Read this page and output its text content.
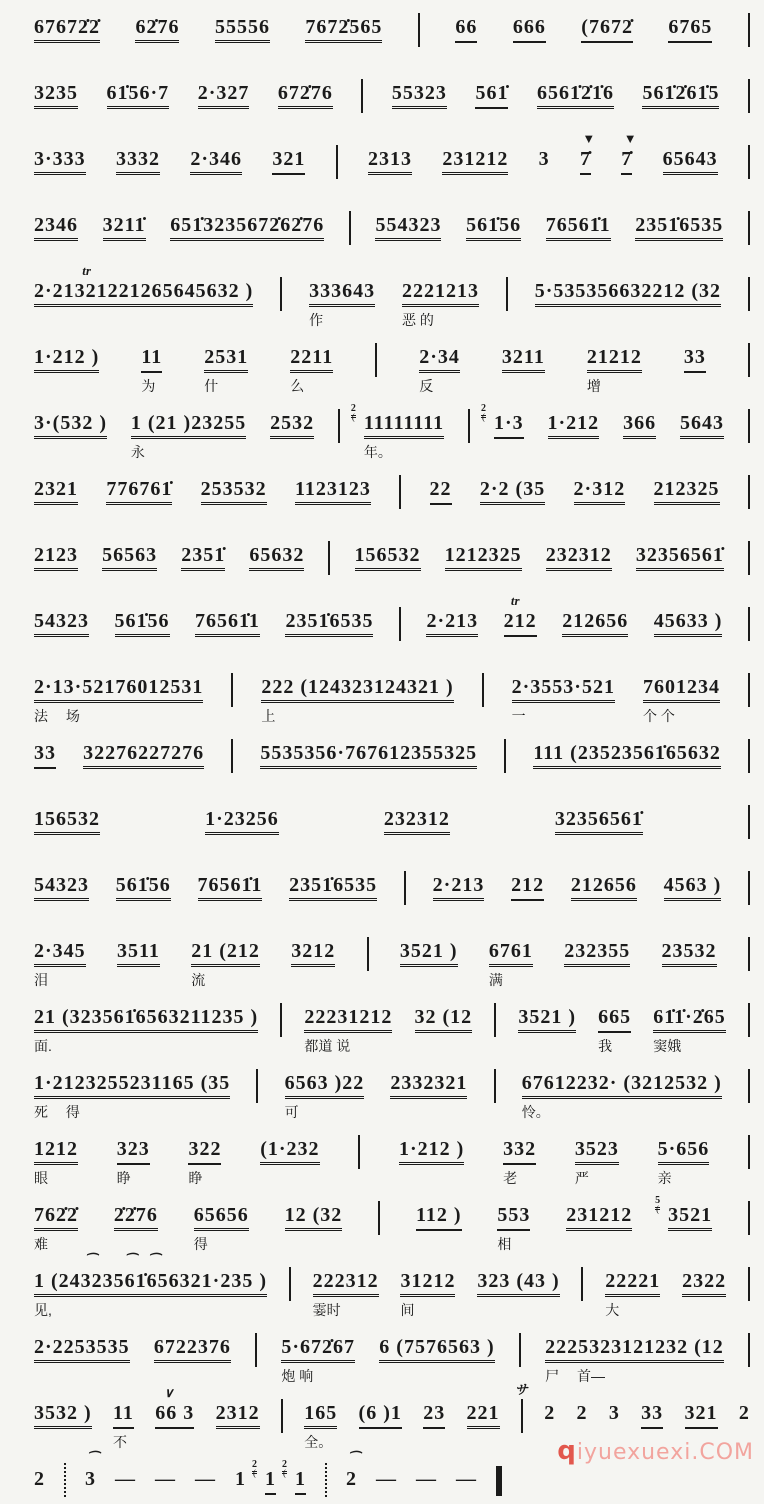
67672̇2̇ 62̇76 55556 7672̇565	66 666 (7672̇ 6765
3235 61̇56·7 2·327 672̇76	55323 561̇ 6561̇2̇1̇6 561̇2̇61̇5
3·333 3332 2·346 321	2313 231212 3 7̇
▼
7̇
▼
65643
2346 3211̇ 651̇3235672̇62̇76	554323 561̇56 76561̇1 2351̇6535
2·21321221265645632 )
tr
333643
作
2221213
恶 的
5·535356632212 (32
1·212 ) 11
为
2531
什
2211
么
2·34
反
3211 21212
增
33
3·(532 ) 1 (21 )23255
永
2532
2 (
11111111
年。
2 (
1·3 1·212 366 5643
2321 776761̇ 253532 1123123	22 2·2 (35 2·312 212325
2123 56563 2351̇ 65632	156532 1212325 232312 32356561̇
54323 561̇56 76561̇1 2351̇6535	2·213 212
tr
212656 45633 )
2·13·52176012531
法　 场
222 (124323124321 )
上
2·3553·521
一
7601234
个 个
33 32276227276	5535356·767612355325	111 (23523561̇65632
156532	1·23256	232312	32356561̇
54323 561̇56 76561̇1 2351̇6535	2·213 212 212656 4563 )
2·345
泪
3511 21 (212
流
3212	3521 ) 6761
满
232355 23532
21 (323561̇6563211235 )
面.
22231212
都道 说
32 (12 3521 ) 665
我
61̇1̇·2̇65
窦娥
1·2123255231165 (35
死　 得
6563 )22
可
2332321	67612232· (3212532 )
怜。
1212
眼
323
睁
322
睁
(1·232	1·212 ) 332
老
3523
严
5·656
亲
762̇2̇
难
2̇2̇76 65656
得
12 (32	112 ) 553
相
231212
5 (
3521
1 (24323561̇656321·235 )
见,
⁀　　 ⁀　⁀
222312
霎时
31212
间
323 (43 ) 22221
大
2322
2·2253535 6722376	5·672̇67
炮 响
6 (7576563 )	2225323121232 (12
尸　 首—
3532 ) 11
不
66 3
∨
2312 165
全。
(6 )1 23 221
サ
2 2 3 33 321 2
2 3
⁀
— — — 1
2 (
1
2 (
1 2
⁀
— — —
qiyuexuexi.COM
